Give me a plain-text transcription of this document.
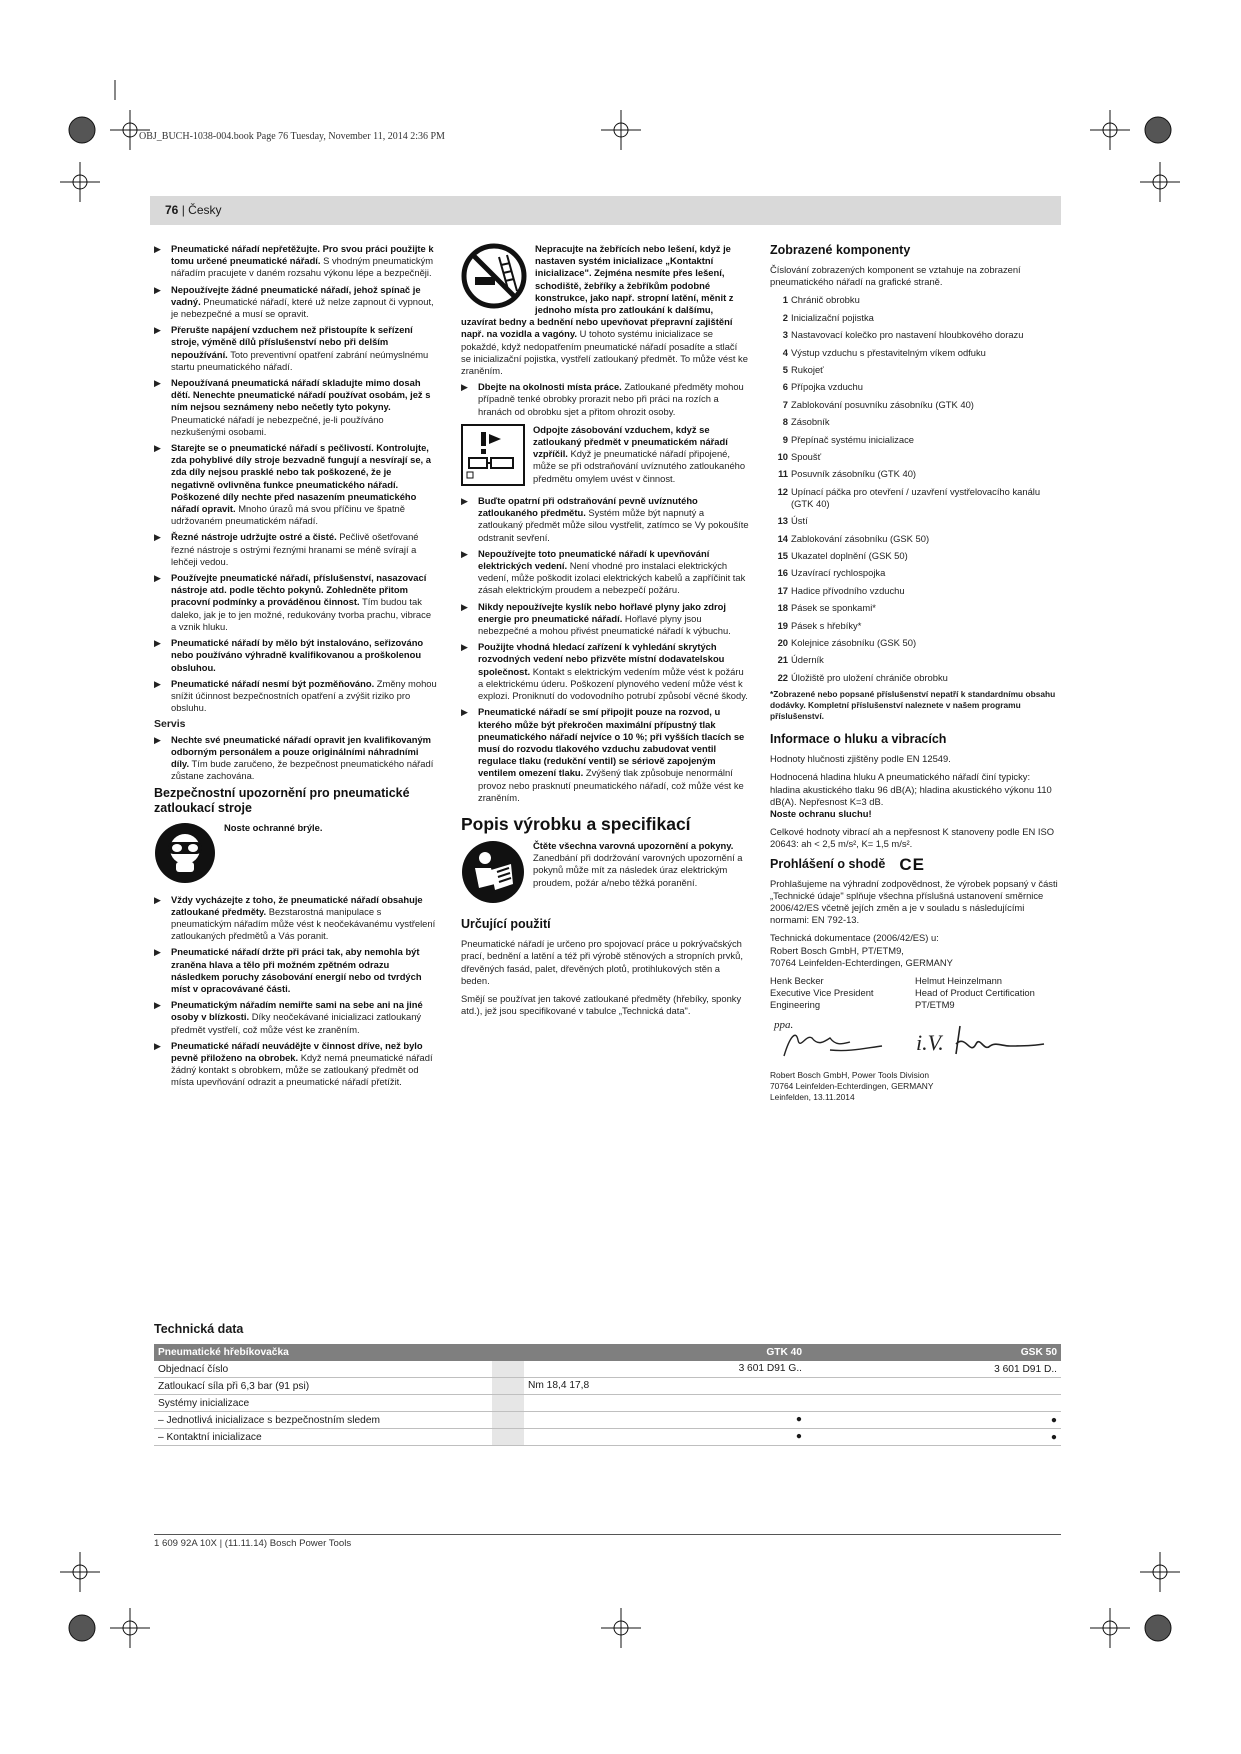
OBJ_BUCH-1038-004.book Page 76 Tuesday, November 11, 2014 2:36 PM
76 | Česky
▶ Pneumatické nářadí nepřetěžujte. Pro svou práci použijte k tomu určené pneumatické nářadí. S vhodným pneumatickým nářadím pracujete v daném rozsahu výkonu lépe a bezpečněji.
▶ Nepoužívejte žádné pneumatické nářadí, jehož spínač je vadný. Pneumatické nářadí, které už nelze zapnout či vypnout, je nebezpečné a musí se opravit.
▶ Přerušte napájení vzduchem než přistoupíte k seřízení stroje, výměně dílů příslušenství nebo při delším nepoužívání. Toto preventivní opatření zabrání neúmyslnému startu pneumatického nářadí.
▶ Nepoužívaná pneumatická nářadí skladujte mimo dosah dětí. Nenechte pneumatické nářadí používat osobám, jež s ním nejsou seznámeny nebo nečetly tyto pokyny. Pneumatické nářadí je nebezpečné, je-li používáno nezkušenými osobami.
▶ Starejte se o pneumatické nářadí s pečlivostí. Kontrolujte, zda pohyblivé díly stroje bezvadně fungují a nesvírají se, a zda díly nejsou prasklé nebo tak poškozené, že je negativně ovlivněna funkce pneumatického nářadí. Poškozené díly nechte před nasazením pneumatického nářadí opravit. Mnoho úrazů má svou příčinu ve špatně udržovaném pneumatickém nářadí.
▶ Řezné nástroje udržujte ostré a čisté. Pečlivě ošetřované řezné nástroje s ostrými řeznými hranami se méně svírají a lehčeji vedou.
▶ Používejte pneumatické nářadí, příslušenství, nasazovací nástroje atd. podle těchto pokynů. Zohledněte přitom pracovní podmínky a prováděnou činnost. Tím budou tak daleko, jak je to jen možné, redukovány tvorba prachu, vibrace a vznik hluku.
▶ Pneumatické nářadí by mělo být instalováno, seřizováno nebo používáno výhradně kvalifikovanou a proškolenou obsluhou.
▶ Pneumatické nářadí nesmí být pozměňováno. Změny mohou snížit účinnost bezpečnostních opatření a zvýšit riziko pro obsluhu.
Servis
▶ Nechte své pneumatické nářadí opravit jen kvalifikovaným odborným personálem a pouze originálními náhradními díly. Tím bude zaručeno, že bezpečnost pneumatického nářadí zůstane zachována.
Bezpečnostní upozornění pro pneumatické zatloukací stroje
Noste ochranné brýle.
▶ Vždy vycházejte z toho, že pneumatické nářadí obsahuje zatloukané předměty. Bezstarostná manipulace s pneumatickým nářadím může vést k neočekávanému vystřelení zatloukaných předmětů a Vás poranit.
▶ Pneumatické nářadí držte při práci tak, aby nemohla být zraněna hlava a tělo při možném zpětném odrazu následkem poruchy zásobování energií nebo od tvrdých míst v opracovávané části.
▶ Pneumatickým nářadím nemiřte sami na sebe ani na jiné osoby v blízkosti. Díky neočekávané inicializaci zatloukaný předmět vystřelí, což může vést ke zraněním.
▶ Pneumatické nářadí neuvádějte v činnost dříve, než bylo pevně přiloženo na obrobek. Když nemá pneumatické nářadí žádný kontakt s obrobkem, může se zatloukaný předmět od místa upevňování odrazit a pneumatické nářadí přetížit.
Nepracujte na žebřících nebo lešení, když je nastaven systém inicializace „Kontaktní inicializace". Zejména nesmíte přes lešení, schodiště, žebříky a žebříkům podobné konstrukce, jako např. stropní latění, měnit z jednoho místa pro zatloukání k dalšímu, uzavírat bedny a bednění nebo upevňovat přepravní zajištění např. na vozidla a vagóny. U tohoto systému inicializace se pokaždé, když nedopatřením pneumatické nářadí posadíte a stlačí se inicializační pojistka, vystřelí zatloukaný předmět. To může vést ke zraněním.
▶ Dbejte na okolnosti místa práce. Zatloukané předměty mohou případně tenké obrobky prorazit nebo při práci na rozích a hranách od obrobku sjet a přitom ohrozit osoby.
Odpojte zásobování vzduchem, když se zatloukaný předmět v pneumatickém nářadí vzpříčil. Když je pneumatické nářadí připojené, může se při odstraňování uvíznutého zatloukaného předmětu omylem uvést v činnost.
▶ Buďte opatrní při odstraňování pevně uvíznutého zatloukaného předmětu. Systém může být napnutý a zatloukaný předmět může silou vystřelit, zatímco se Vy pokoušíte odstranit sevření.
▶ Nepoužívejte toto pneumatické nářadí k upevňování elektrických vedení. Není vhodné pro instalaci elektrických vedení, může poškodit izolaci elektrických kabelů a zapříčinit tak zásah elektrickým proudem a nebezpečí požáru.
▶ Nikdy nepoužívejte kyslík nebo hořlavé plyny jako zdroj energie pro pneumatické nářadí. Hořlavé plyny jsou nebezpečné a mohou přivést pneumatické nářadí k výbuchu.
▶ Použijte vhodná hledací zařízení k vyhledání skrytých rozvodných vedení nebo přizvěte místní dodavatelskou společnost. Kontakt s elektrickým vedením může vést k požáru a elektrickému úderu. Poškození plynového vedení může vést k explozi. Proniknutí do vodovodního potrubí způsobí věcné škody.
▶ Pneumatické nářadí se smí připojit pouze na rozvod, u kterého může být překročen maximální přípustný tlak pneumatického nářadí nejvíce o 10 %; při vyšších tlacích se musí do rozvodu tlakového vzduchu zabudovat ventil regulace tlaku (redukční ventil) se sériově zapojeným ventilem omezení tlaku. Zvýšený tlak způsobuje nenormální provoz nebo prasknutí pneumatického nářadí, což může vést ke zraněním.
Popis výrobku a specifikací
Čtěte všechna varovná upozornění a pokyny. Zanedbání při dodržování varovných upozornění a pokynů může mít za následek úraz elektrickým proudem, požár a/nebo těžká poranění.
Určující použití
Pneumatické nářadí je určeno pro spojovací práce u pokrývačských prací, bednění a latění a též při výrobě stěnových a stropních prvků, dřevěných fasád, palet, dřevěných plotů, protihlukových stěn a beden.
Smějí se používat jen takové zatloukané předměty (hřebíky, sponky atd.), jež jsou specifikované v tabulce „Technická data".
Zobrazené komponenty
Číslování zobrazených komponent se vztahuje na zobrazení pneumatického nářadí na grafické straně.
1 Chránič obrobku
2 Inicializační pojistka
3 Nastavovací kolečko pro nastavení hloubkového dorazu
4 Výstup vzduchu s přestavitelným víkem odfuku
5 Rukojeť
6 Přípojka vzduchu
7 Zablokování posuvníku zásobníku (GTK 40)
8 Zásobník
9 Přepínač systému inicializace
10 Spoušť
11 Posuvník zásobníku (GTK 40)
12 Upínací páčka pro otevření / uzavření vystřelovacího kanálu (GTK 40)
13 Ústí
14 Zablokování zásobníku (GSK 50)
15 Ukazatel doplnění (GSK 50)
16 Uzavírací rychlospojka
17 Hadice přívodního vzduchu
18 Pásek se sponkami*
19 Pásek s hřebíky*
20 Kolejnice zásobníku (GSK 50)
21 Úderník
22 Úložiště pro uložení chrániče obrobku
*Zobrazené nebo popsané příslušenství nepatří k standardnímu obsahu dodávky. Kompletní příslušenství naleznete v našem programu příslušenství.
Informace o hluku a vibracích
Hodnoty hlučnosti zjištěny podle EN 12549.
Hodnocená hladina hluku A pneumatického nářadí činí typicky: hladina akustického tlaku 96 dB(A); hladina akustického výkonu 110 dB(A). Nepřesnost K=3 dB.
Noste ochranu sluchu!
Celkové hodnoty vibrací ah a nepřesnost K stanoveny podle EN ISO 20643: ah < 2,5 m/s², K= 1,5 m/s².
Prohlášení o shodě CE
Prohlašujeme na výhradní zodpovědnost, že výrobek popsaný v části „Technické údaje" splňuje všechna příslušná ustanovení směrnice 2006/42/ES včetně jejích změn a je v souladu s následujícími normami: EN 792-13.
Technická dokumentace (2006/42/ES) u:
Robert Bosch GmbH, PT/ETM9,
70764 Leinfelden-Echterdingen, GERMANY
Henk Becker
Executive Vice President
Engineering
Helmut Heinzelmann
Head of Product Certification
PT/ETM9
ppa.
i.V.
Robert Bosch GmbH, Power Tools Division
70764 Leinfelden-Echterdingen, GERMANY
Leinfelden, 13.11.2014
Technická data
Pneumatické hřebíkovačka	GTK 40	GSK 50
Objednací číslo	3 601 D91 G..	3 601 D91 D..
Zatloukací síla při 6,3 bar (91 psi)	Nm 18,4 17,8	

Systémy inicializace	

– Jednotlivá inicializace s bezpečnostním sledem	●	●
– Kontaktní inicializace	●	●
1 609 92A 10X | (11.11.14) Bosch Power Tools
